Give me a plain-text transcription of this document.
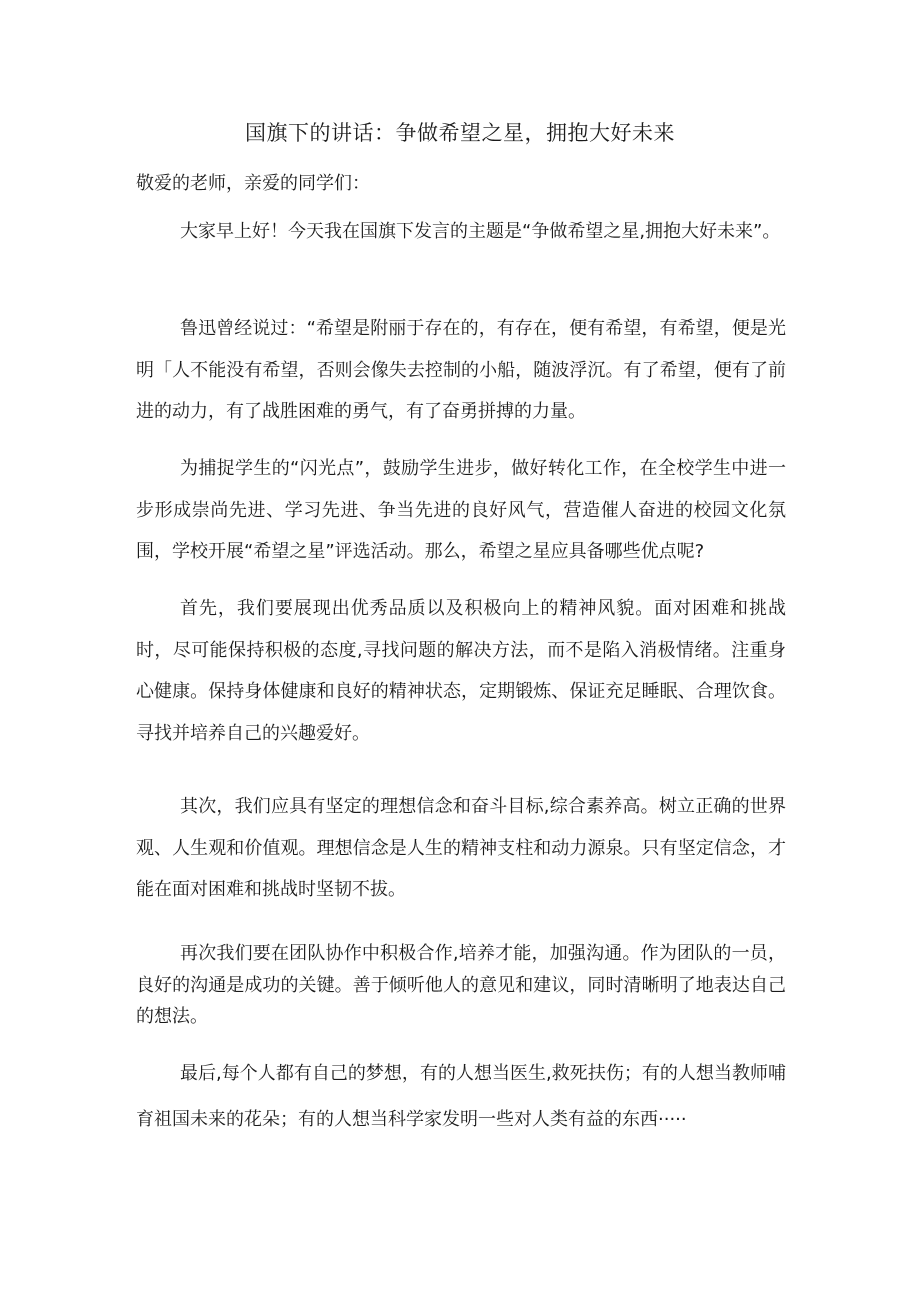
国旗下的讲话：争做希望之星，拥抱大好未来
敬爱的老师，亲爱的同学们：

大家早上好！今天我在国旗下发言的主题是“争做希望之星,拥抱大好未来”。

鲁迅曾经说过：“希望是附丽于存在的，有存在，便有希望，有希望，便是光明「人不能没有希望，否则会像失去控制的小船，随波浮沉。有了希望，便有了前进的动力，有了战胜困难的勇气，有了奋勇拼搏的力量。

为捕捉学生的“闪光点”，鼓励学生进步，做好转化工作，在全校学生中进一步形成崇尚先进、学习先进、争当先进的良好风气，营造催人奋进的校园文化氛围，学校开展“希望之星”评选活动。那么，希望之星应具备哪些优点呢?

首先，我们要展现出优秀品质以及积极向上的精神风貌。面对困难和挑战时，尽可能保持积极的态度,寻找问题的解决方法，而不是陷入消极情绪。注重身心健康。保持身体健康和良好的精神状态，定期锻炼、保证充足睡眠、合理饮食。寻找并培养自己的兴趣爱好。

其次，我们应具有坚定的理想信念和奋斗目标,综合素养高。树立正确的世界观、人生观和价值观。理想信念是人生的精神支柱和动力源泉。只有坚定信念，才能在面对困难和挑战时坚韧不拔。

再次我们要在团队协作中积极合作,培养才能，加强沟通。作为团队的一员，良好的沟通是成功的关键。善于倾听他人的意见和建议，同时清晰明了地表达自己的想法。

最后,每个人都有自己的梦想，有的人想当医生,救死扶伤；有的人想当教师哺育祖国未来的花朵；有的人想当科学家发明一些对人类有益的东西·····
